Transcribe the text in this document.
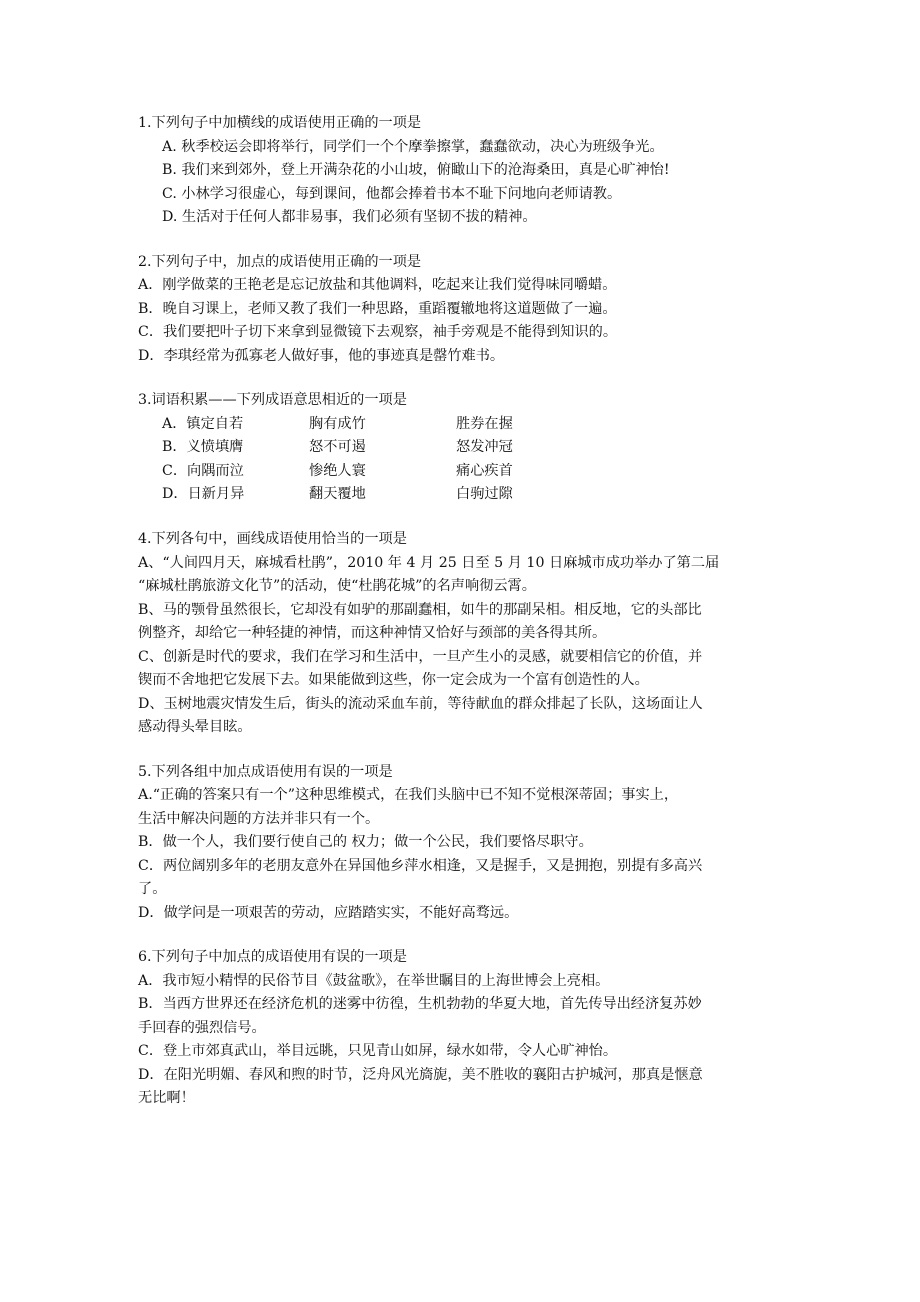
1.下列句子中加横线的成语使用正确的一项是

A. 秋季校运会即将举行，同学们一个个摩拳擦掌，蠢蠢欲动，决心为班级争光。
B. 我们来到郊外，登上开满杂花的小山坡，俯瞰山下的沧海桑田，真是心旷神怡!
C. 小林学习很虚心，每到课间，他都会捧着书本不耻下问地向老师请教。
D. 生活对于任何人都非易事，我们必须有坚韧不拔的精神。

2.下列句子中，加点的成语使用正确的一项是

A．刚学做菜的王艳老是忘记放盐和其他调料，吃起来让我们觉得味同嚼蜡。
B．晚自习课上，老师又教了我们一种思路，重蹈覆辙地将这道题做了一遍。
C．我们要把叶子切下来拿到显微镜下去观察，袖手旁观是不能得到知识的。
D．李琪经常为孤寡老人做好事，他的事迹真是罄竹难书。

3.词语积累——下列成语意思相近的一项是

A．镇定自若	胸有成竹	胜券在握
B．义愤填膺	怒不可遏	怒发冲冠
C．向隅而泣	惨绝人寰	痛心疾首
D．日新月异	翻天覆地	白驹过隙

4.下列各句中，画线成语使用恰当的一项是

A、“人间四月天，麻城看杜鹃”，2010 年 4 月 25 日至 5 月 10 日麻城市成功举办了第二届
“麻城杜鹃旅游文化节”的活动，使“杜鹃花城”的名声响彻云霄。
B、马的颚骨虽然很长，它却没有如驴的那副蠢相，如牛的那副呆相。相反地，它的头部比
例整齐，却给它一种轻捷的神情，而这种神情又恰好与颈部的美各得其所。
C、创新是时代的要求，我们在学习和生活中，一旦产生小的灵感，就要相信它的价值，并
锲而不舍地把它发展下去。如果能做到这些，你一定会成为一个富有创造性的人。
D、玉树地震灾情发生后，街头的流动采血车前，等待献血的群众排起了长队，这场面让人
感动得头晕目眩。

5.下列各组中加点成语使用有误的一项是

A.“正确的答案只有一个”这种思维模式，在我们头脑中已不知不觉根深蒂固；事实上，
生活中解决问题的方法并非只有一个。
B．做一个人，我们要行使自己的 权力；做一个公民，我们要恪尽职守。
C．两位阔别多年的老朋友意外在异国他乡萍水相逢，又是握手，又是拥抱，别提有多高兴
了。
D．做学问是一项艰苦的劳动，应踏踏实实，不能好高骛远。

6.下列句子中加点的成语使用有误的一项是

A．我市短小精悍的民俗节目《鼓盆歌》，在举世瞩目的上海世博会上亮相。
B．当西方世界还在经济危机的迷雾中彷徨，生机勃勃的华夏大地，首先传导出经济复苏妙
手回春的强烈信号。
C．登上市郊真武山，举目远眺，只见青山如屏，绿水如带，令人心旷神怡。
D．在阳光明媚、春风和煦的时节，泛舟风光旖旎，美不胜收的襄阳古护城河，那真是惬意
无比啊！
